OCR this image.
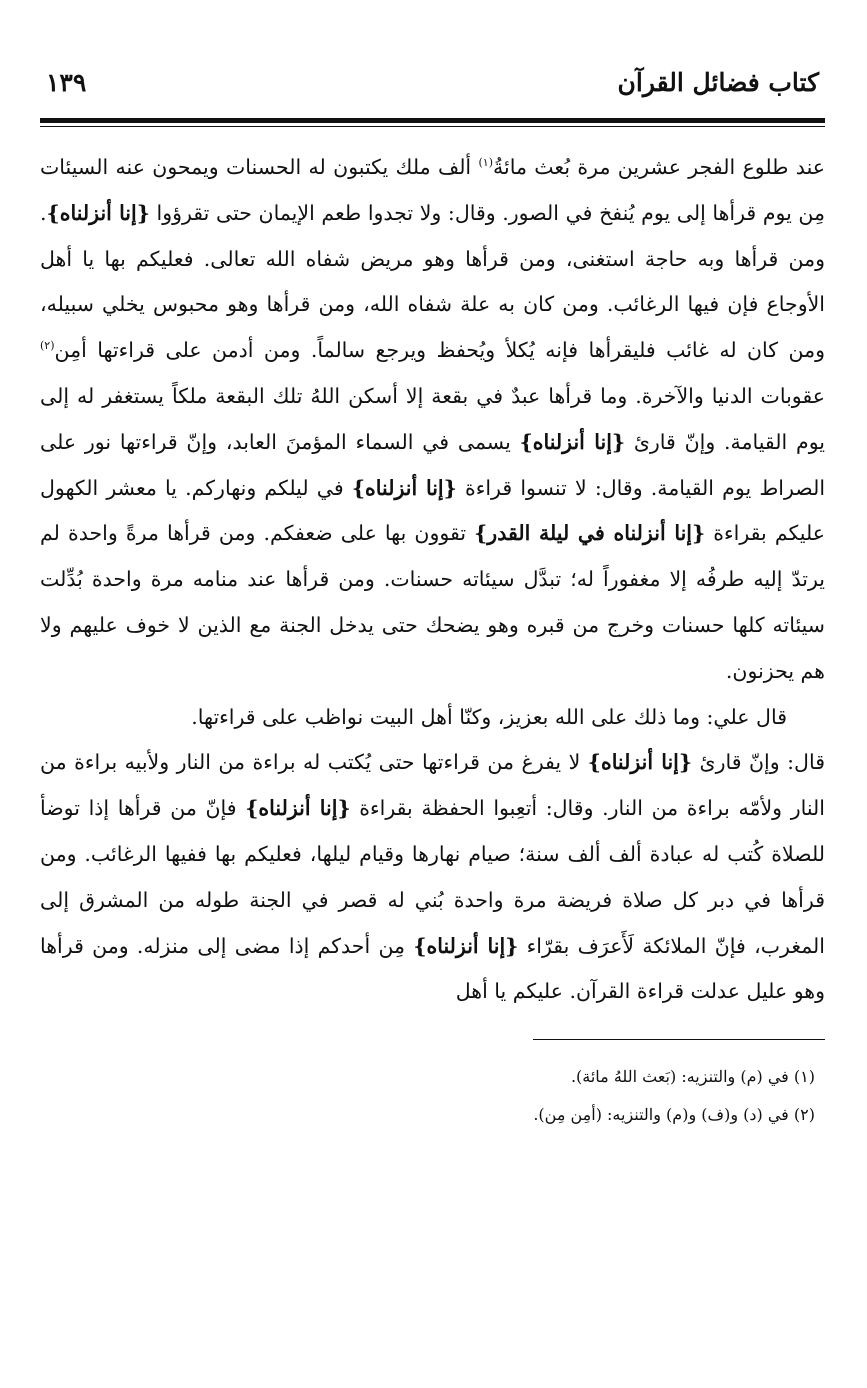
كتاب فضائل القرآن
١٣٩

عند طلوع الفجر عشرين مرة بُعث مائةُ$^{(١)}$ ألف ملك يكتبون له الحسنات ويمحون عنه السيئات مِن يوم قرأها إلى يوم يُنفخ في الصور. وقال: ولا تجدوا طعم الإيمان حتى تقرؤوا {إنا أنزلناه}. ومن قرأها وبه حاجة استغنى، ومن قرأها وهو مريض شفاه الله تعالى. فعليكم بها يا أهل الأوجاع فإن فيها الرغائب. ومن كان به علة شفاه الله، ومن قرأها وهو محبوس يخلي سبيله، ومن كان له غائب فليقرأها فإنه يُكلأ ويُحفظ ويرجع سالماً. ومن أدمن على قراءتها أمِن$^{(٢)}$ عقوبات الدنيا والآخرة. وما قرأها عبدٌ في بقعة إلا أسكن اللهُ تلك البقعة ملكاً يستغفر له إلى يوم القيامة. وإنّ قارئ {إنا أنزلناه} يسمى في السماء المؤمنَ العابد، وإنّ قراءتها نور على الصراط يوم القيامة. وقال: لا تنسوا قراءة {إنا أنزلناه} في ليلكم ونهاركم. يا معشر الكهول عليكم بقراءة {إنا أنزلناه في ليلة القدر} تقوون بها على ضعفكم. ومن قرأها مرةً واحدة لم يرتدّ إليه طرفُه إلا مغفوراً له؛ تبدَّل سيئاته حسنات. ومن قرأها عند منامه مرة واحدة بُدِّلت سيئاته كلها حسنات وخرج من قبره وهو يضحك حتى يدخل الجنة مع الذين لا خوف عليهم ولا هم يحزنون.

قال علي: وما ذلك على الله بعزيز، وكنّا أهل البيت نواظب على قراءتها.

قال: وإنّ قارئ {إنا أنزلناه} لا يفرغ من قراءتها حتى يُكتب له براءة من النار ولأبيه براءة من النار ولأمّه براءة من النار. وقال: أتعِبوا الحفظة بقراءة {إنا أنزلناه} فإنّ من قرأها إذا توضأ للصلاة كُتب له عبادة ألف ألف سنة؛ صيام نهارها وقيام ليلها، فعليكم بها ففيها الرغائب. ومن قرأها في دبر كل صلاة فريضة مرة واحدة بُني له قصر في الجنة طوله من المشرق إلى المغرب، فإنّ الملائكة لَأَعرَف بقرّاء {إنا أنزلناه} مِن أحدكم إذا مضى إلى منزله. ومن قرأها وهو عليل عدلت قراءة القرآن. عليكم يا أهل

(١) في (م) والتنزيه: (بَعث اللهُ مائة).

(٢) في (د) و(ف) و(م) والتنزيه: (أمِن مِن).
